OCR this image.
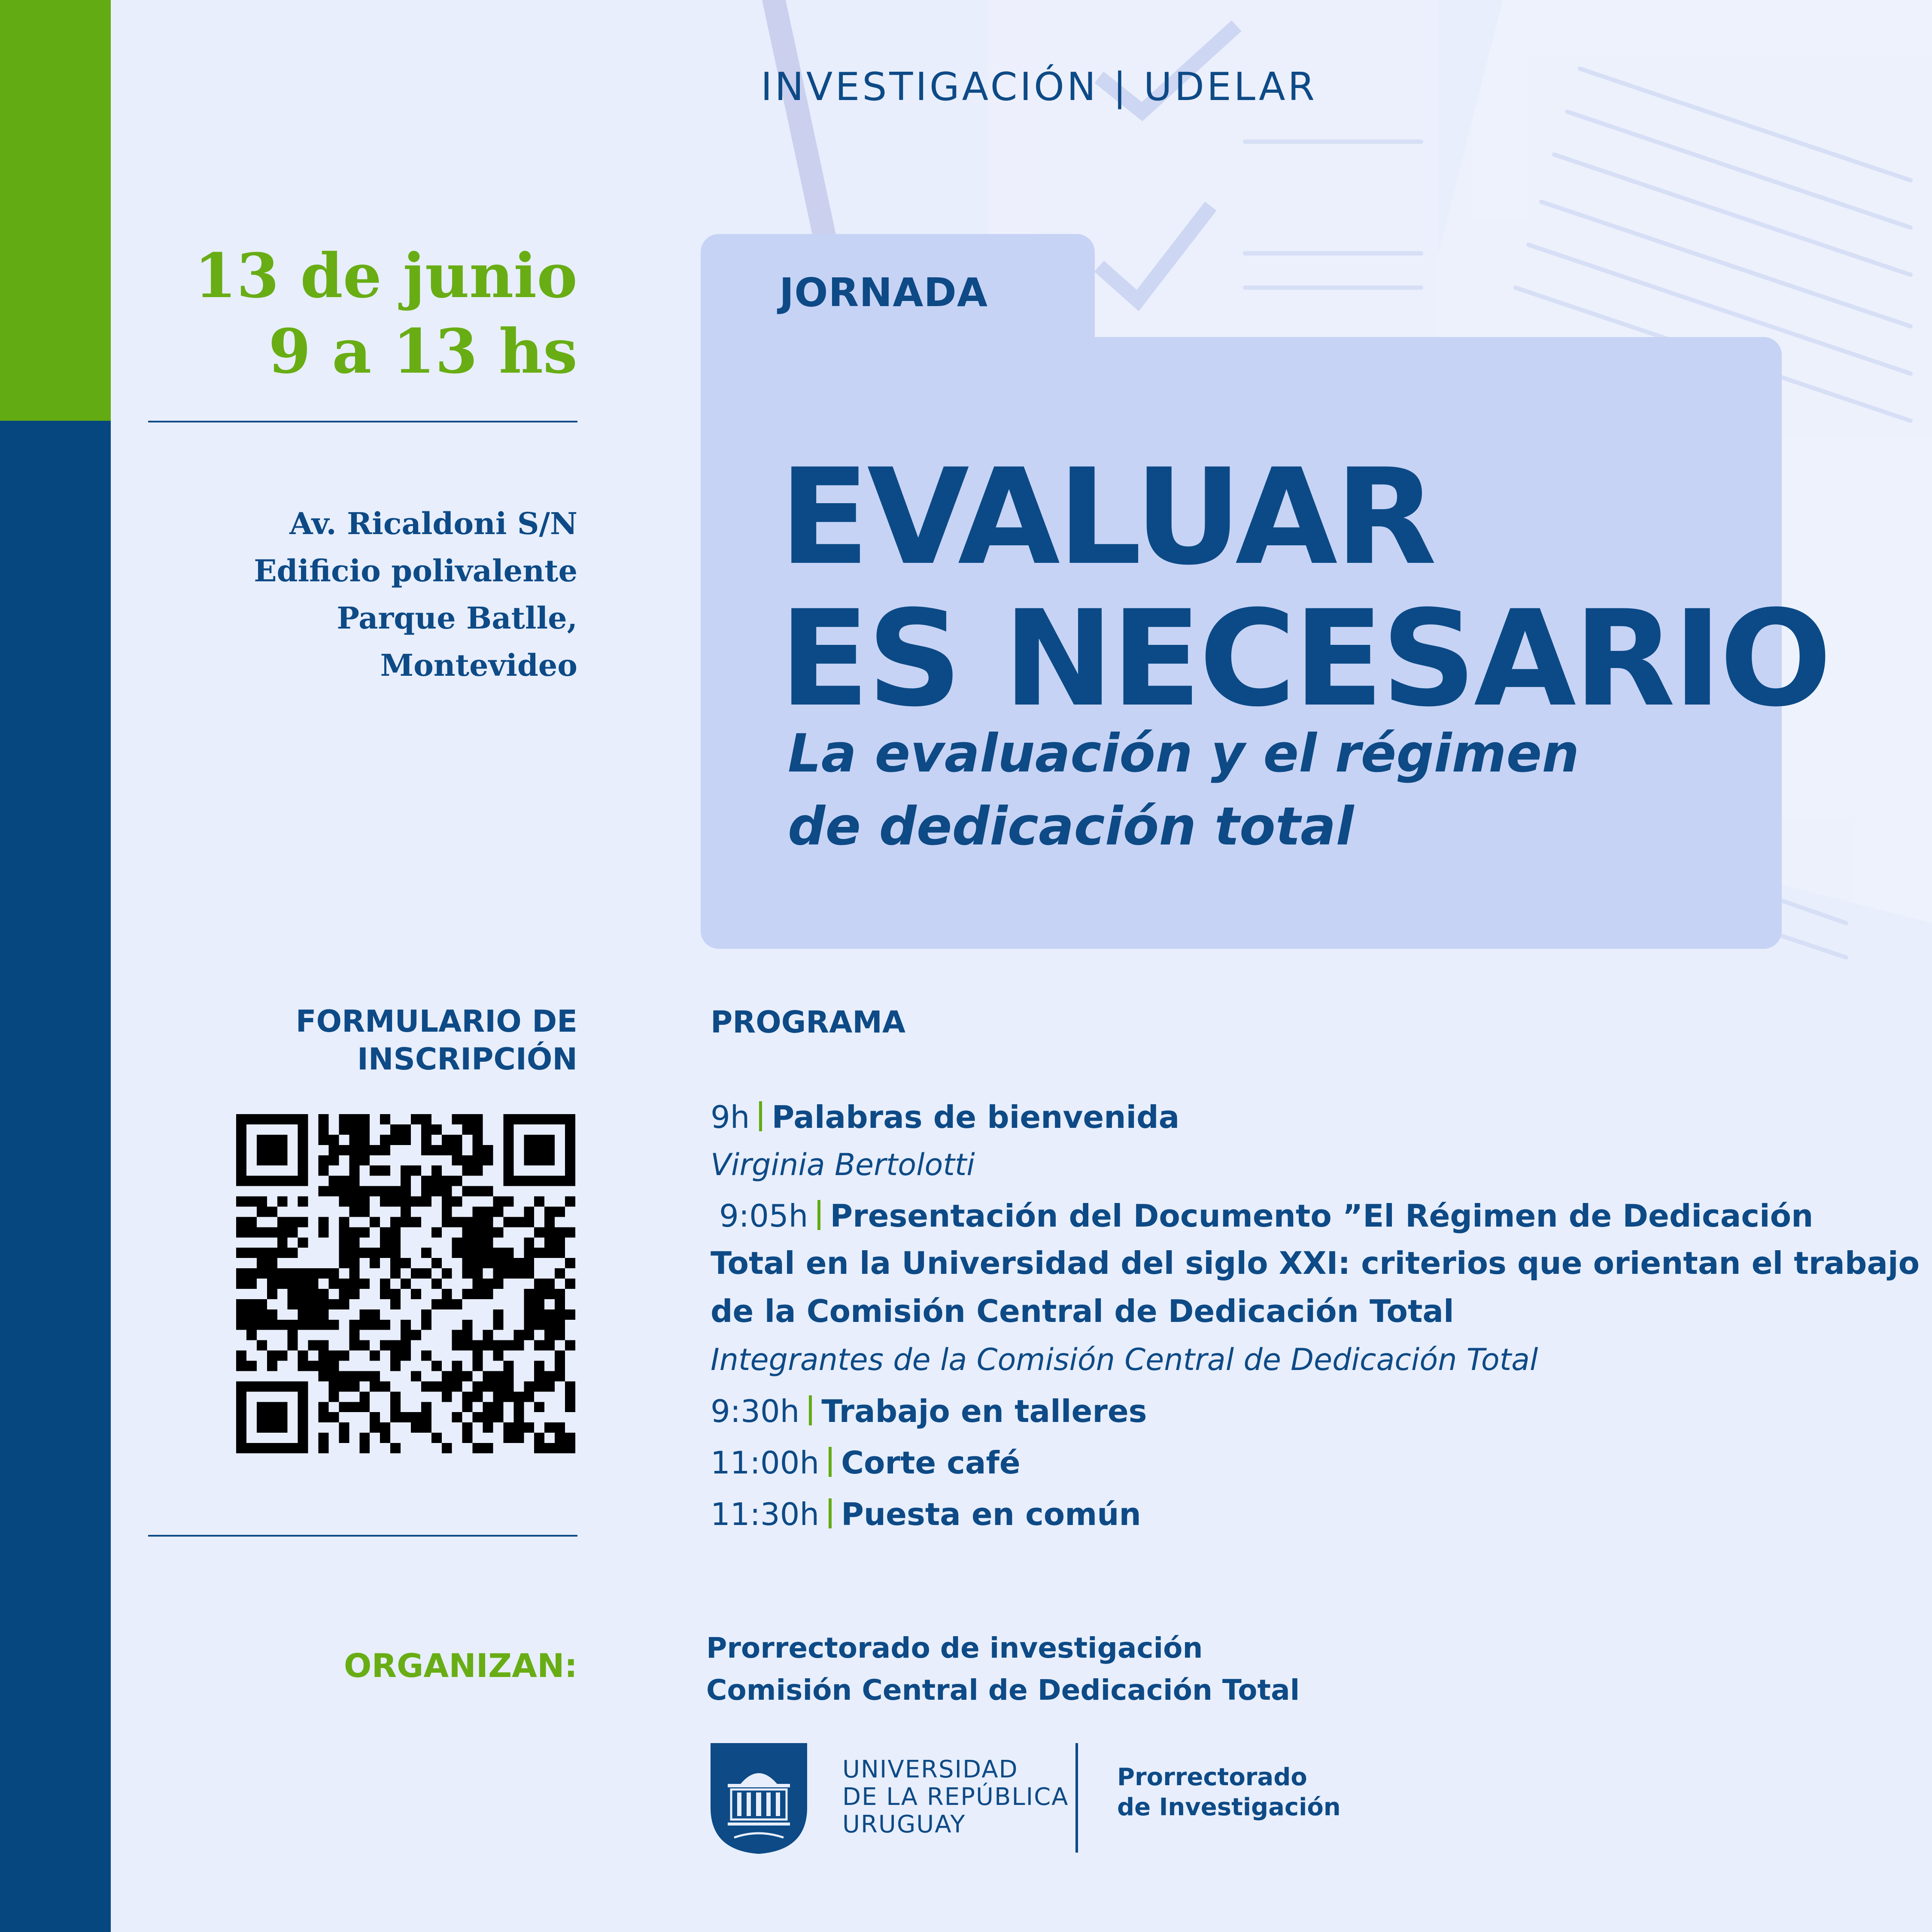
INVESTIGACIÓN | UDELAR
13 de junio
9 a 13 hs
Av. Ricaldoni S/N
Edificio polivalente
Parque Batlle,
Montevideo
JORNADA
EVALUAR
ES NECESARIO
La evaluación y el régimen
de dedicación total
FORMULARIO DE
INSCRIPCIÓN
PROGRAMA
9h Palabras de bienvenida
Virginia Bertolotti
9:05h Presentación del Documento ”El Régimen de Dedicación
Total en la Universidad del siglo XXI: criterios que orientan el trabajo
de la Comisión Central de Dedicación Total
Integrantes de la Comisión Central de Dedicación Total
9:30h Trabajo en talleres
11:00h Corte café
11:30h Puesta en común
ORGANIZAN:	Prorrectorado de investigación
Comisión Central de Dedicación Total
UNIVERSIDAD
DE LA REPÚBLICA
URUGUAY
Prorrectorado
de Investigación
